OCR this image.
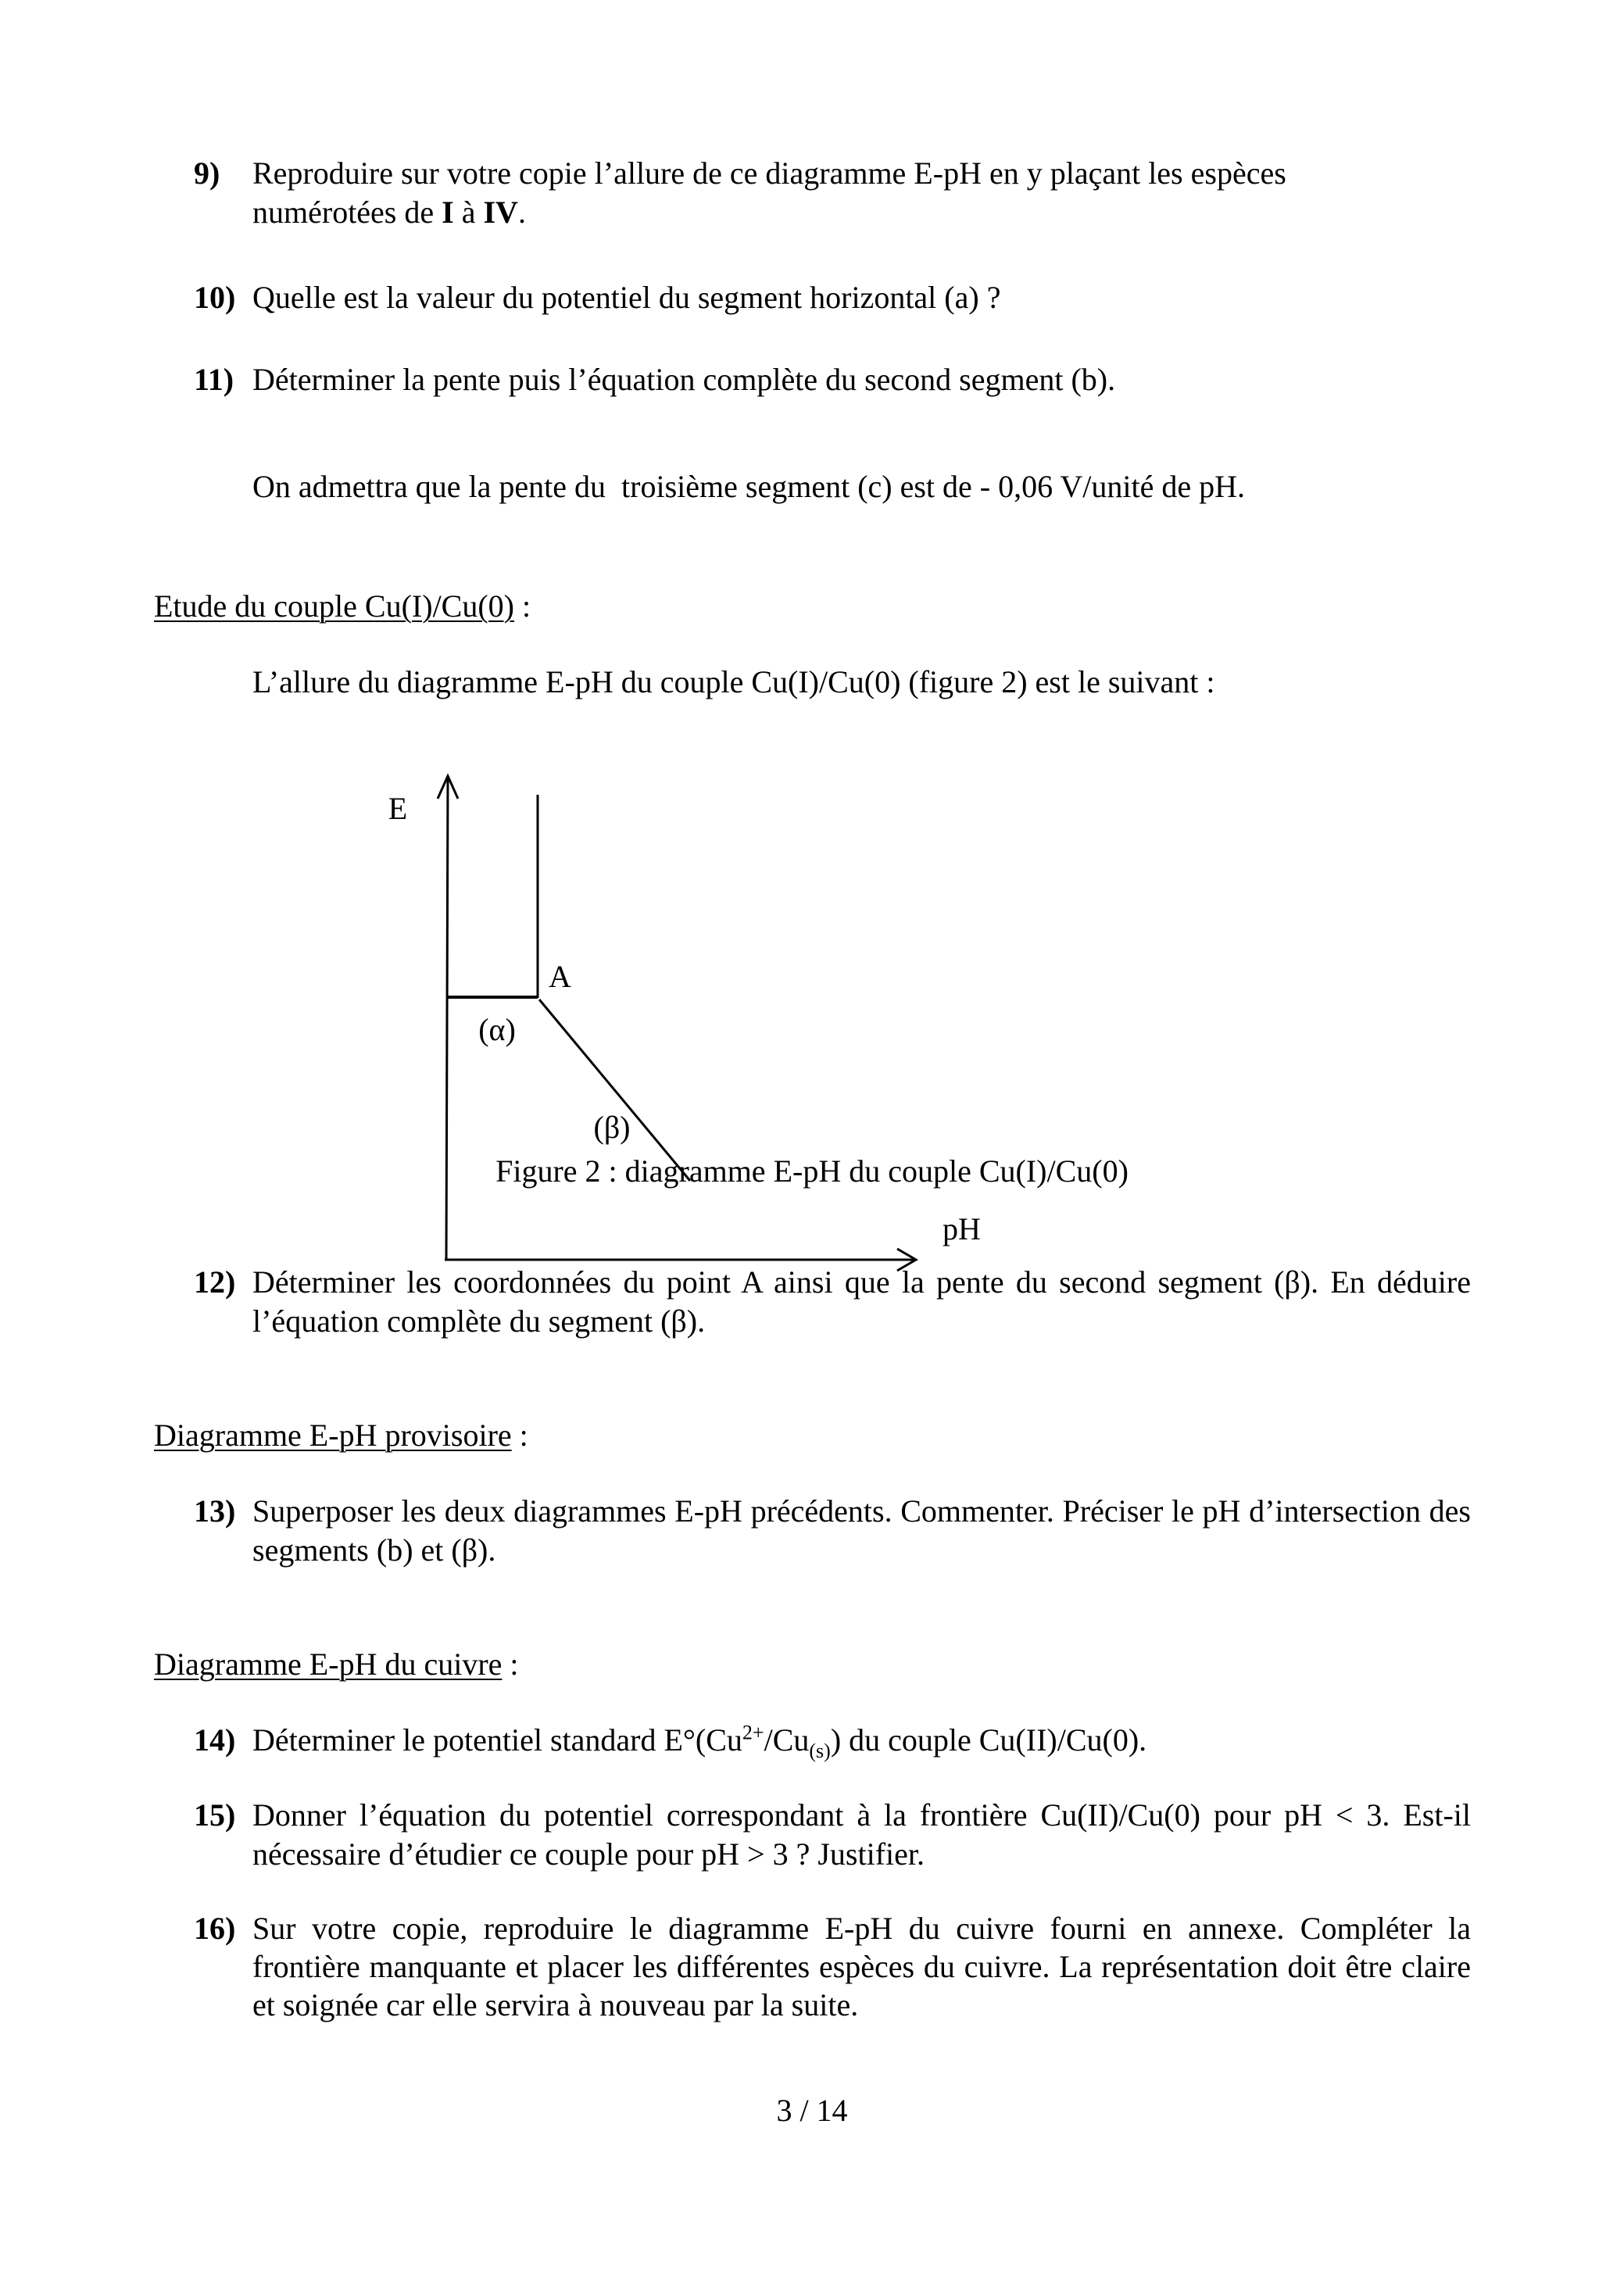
9) Reproduire sur votre copie l’allure de ce diagramme E-pH en y plaçant les espèces numérotées de I à IV.
10) Quelle est la valeur du potentiel du segment horizontal (a) ?
11) Déterminer la pente puis l’équation complète du second segment (b).
On admettra que la pente du  troisième segment (c) est de - 0,06 V/unité de pH.
Etude du couple Cu(I)/Cu(0) :
L’allure du diagramme E-pH du couple Cu(I)/Cu(0) (figure 2) est le suivant :
E
A
(α)
(β)
pH
Figure 2 : diagramme E-pH du couple Cu(I)/Cu(0)
12) Déterminer les coordonnées du point A ainsi que la pente du second segment (β). En déduire l’équation complète du segment (β).
Diagramme E-pH provisoire :
13) Superposer les deux diagrammes E-pH précédents. Commenter. Préciser le pH d’intersection des segments (b) et (β).
Diagramme E-pH du cuivre :
14) Déterminer le potentiel standard $E^\circ(Cu^{2+}/Cu_{(s)})$ du couple Cu(II)/Cu(0).
15) Donner l’équation du potentiel correspondant à la frontière Cu(II)/Cu(0) pour pH < 3. Est-il nécessaire d’étudier ce couple pour pH > 3 ? Justifier.
16) Sur votre copie, reproduire le diagramme E-pH du cuivre fourni en annexe. Compléter la frontière manquante et placer les différentes espèces du cuivre. La représentation doit être claire et soignée car elle servira à nouveau par la suite.
3 / 14
